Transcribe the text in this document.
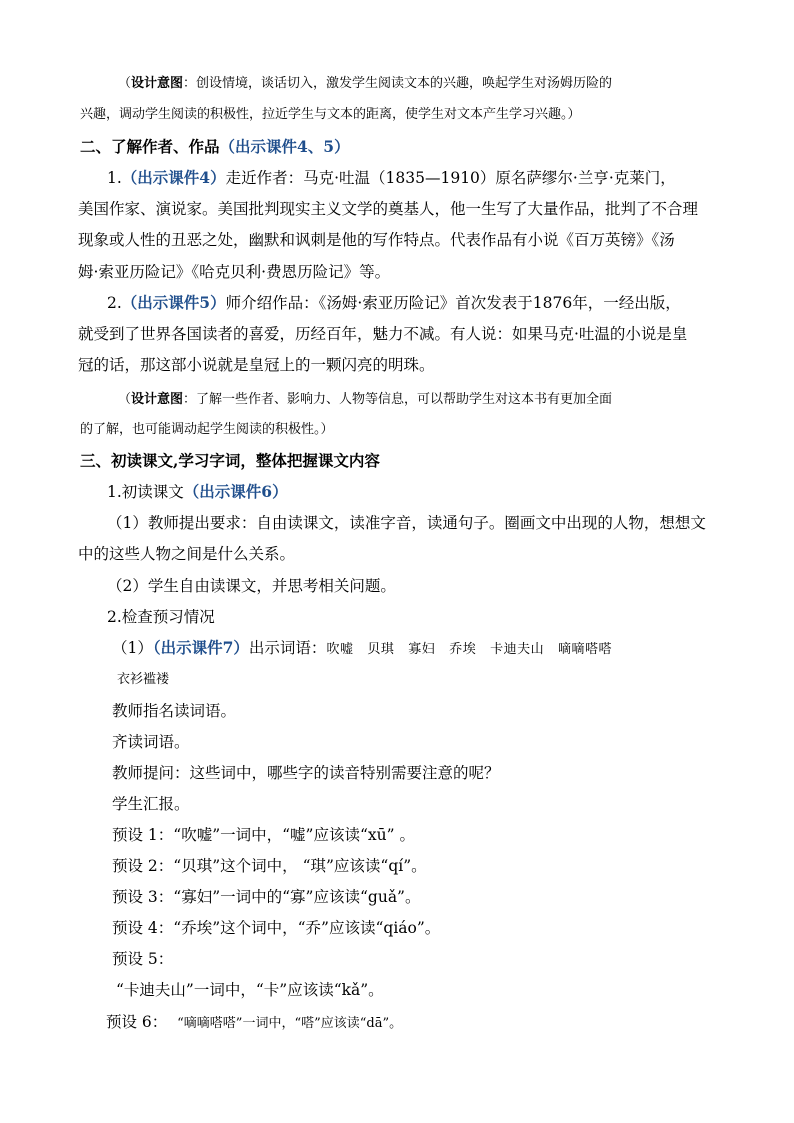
（设计意图：创设情境，谈话切入，激发学生阅读文本的兴趣，唤起学生对汤姆历险的
兴趣，调动学生阅读的积极性，拉近学生与文本的距离，使学生对文本产生学习兴趣。）
二、了解作者、作品（出示课件4、5）
1.（出示课件4）走近作者：马克·吐温（1835—1910）原名萨缪尔·兰亨·克莱门，
美国作家、演说家。美国批判现实主义文学的奠基人，他一生写了大量作品，批判了不合理
现象或人性的丑恶之处，幽默和讽刺是他的写作特点。代表作品有小说《百万英镑》《汤
姆·索亚历险记》《哈克贝利·费恩历险记》等。
2.（出示课件5）师介绍作品：《汤姆·索亚历险记》首次发表于1876年，一经出版，
就受到了世界各国读者的喜爱，历经百年，魅力不减。有人说：如果马克·吐温的小说是皇
冠的话，那这部小说就是皇冠上的一颗闪亮的明珠。
（设计意图：了解一些作者、影响力、人物等信息，可以帮助学生对这本书有更加全面
的了解，也可能调动起学生阅读的积极性。）
三、初读课文,学习字词，整体把握课文内容
1.初读课文（出示课件6）
（1）教师提出要求：自由读课文，读准字音，读通句子。圈画文中出现的人物，想想文
中的这些人物之间是什么关系。
（2）学生自由读课文，并思考相关问题。
2.检查预习情况
（1）（出示课件7）出示词语：吹嘘 贝琪 寡妇 乔埃 卡迪夫山 嘀嘀嗒嗒
衣衫褴褛
教师指名读词语。
齐读词语。
教师提问：这些词中，哪些字的读音特别需要注意的呢？
学生汇报。
预设 1：“吹嘘”一词中，“嘘”应该读“xū” 。
预设 2：“贝琪”这个词中， “琪”应该读“qí”。
预设 3：“寡妇”一词中的“寡”应该读“guǎ”。
预设 4：“乔埃”这个词中，“乔”应该读“qiáo”。
预设 5：
“卡迪夫山”一词中，“卡”应该读“kǎ”。
预设 6： “嘀嘀嗒嗒”一词中，“嗒”应该读“dā”。
